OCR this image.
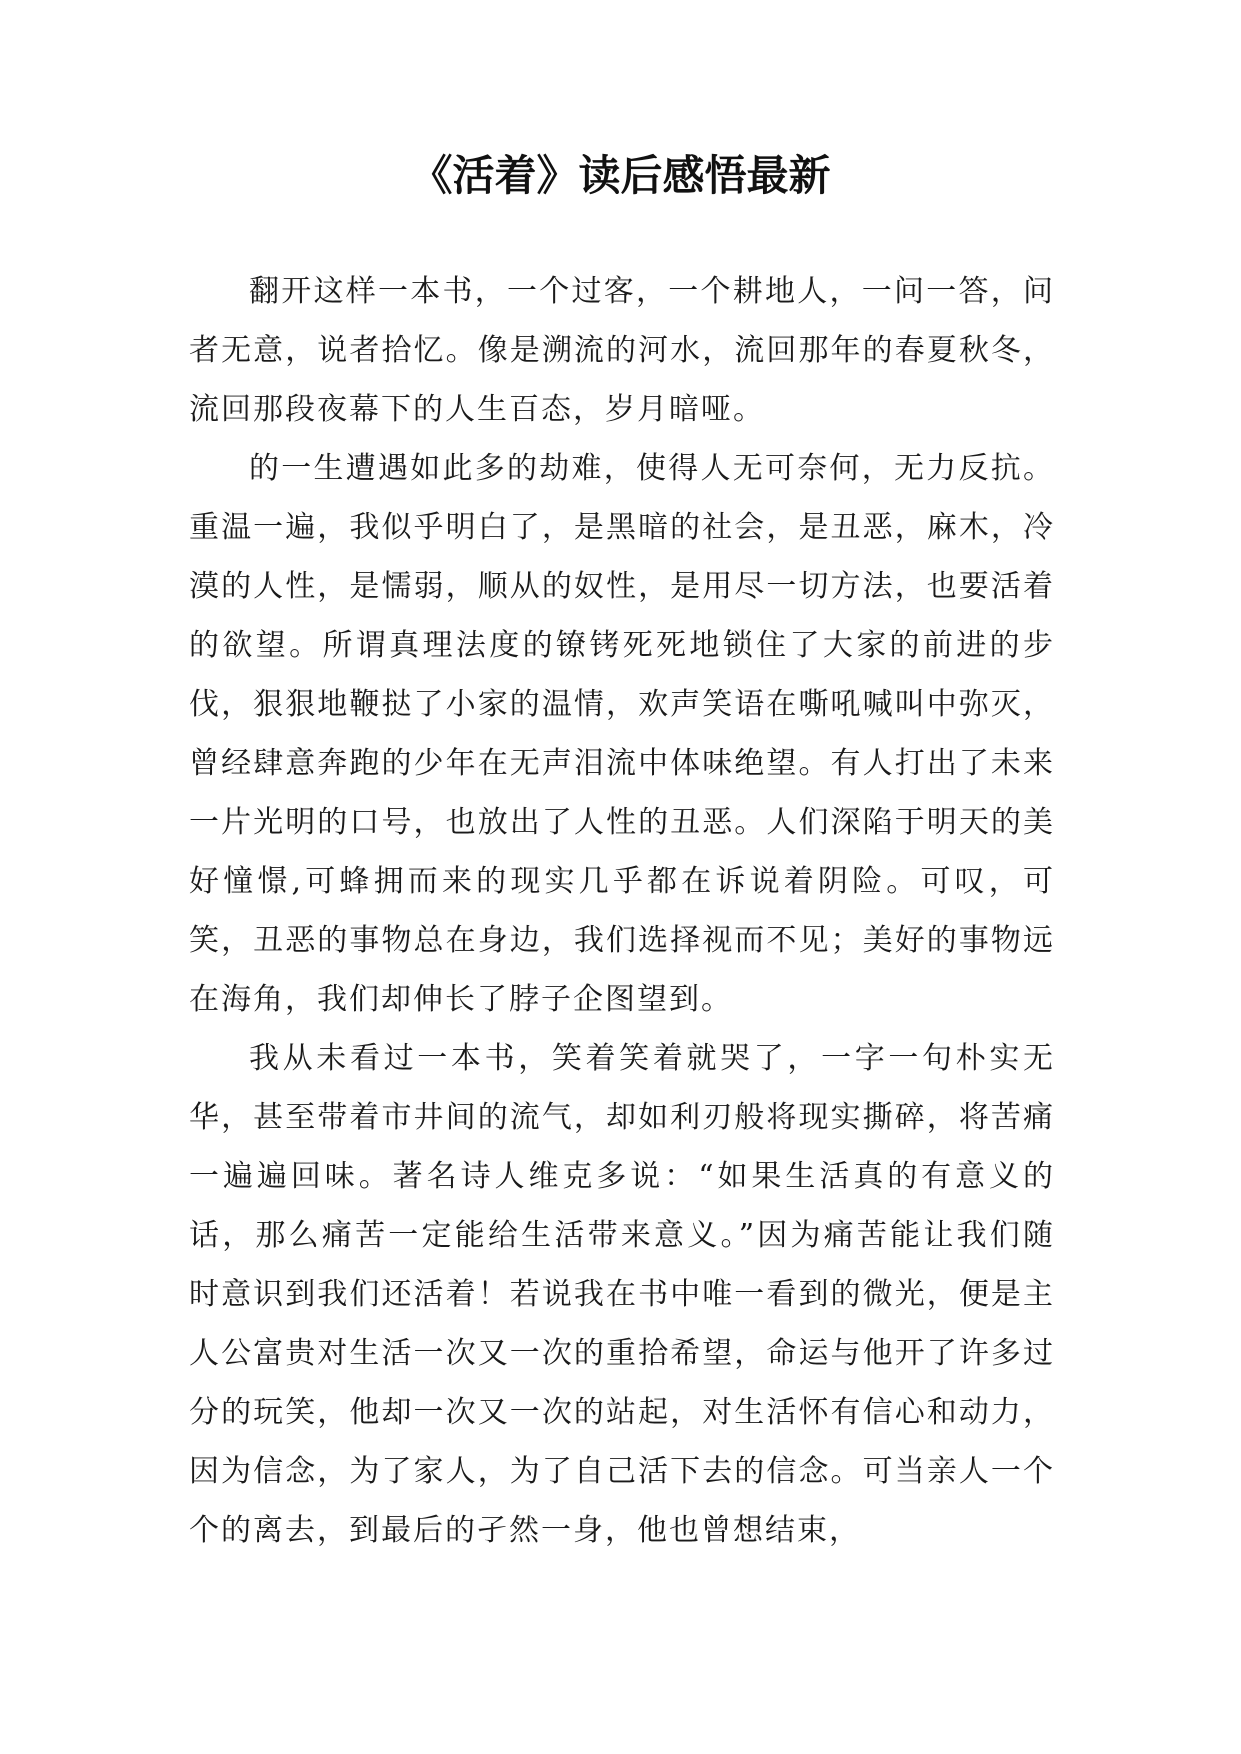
《活着》读后感悟最新

翻开这样一本书，一个过客，一个耕地人，一问一答，问者无意，说者拾忆。像是溯流的河水，流回那年的春夏秋冬，流回那段夜幕下的人生百态，岁月暗哑。

的一生遭遇如此多的劫难，使得人无可奈何，无力反抗。重温一遍，我似乎明白了，是黑暗的社会，是丑恶，麻木，冷漠的人性，是懦弱，顺从的奴性，是用尽一切方法，也要活着的欲望。所谓真理法度的镣铐死死地锁住了大家的前进的步伐，狠狠地鞭挞了小家的温情，欢声笑语在嘶吼喊叫中弥灭，曾经肆意奔跑的少年在无声泪流中体味绝望。有人打出了未来一片光明的口号，也放出了人性的丑恶。人们深陷于明天的美好憧憬,可蜂拥而来的现实几乎都在诉说着阴险。可叹，可笑，丑恶的事物总在身边，我们选择视而不见；美好的事物远在海角，我们却伸长了脖子企图望到。

我从未看过一本书，笑着笑着就哭了，一字一句朴实无华，甚至带着市井间的流气，却如利刃般将现实撕碎，将苦痛一遍遍回味。著名诗人维克多说：“如果生活真的有意义的话，那么痛苦一定能给生活带来意义。”因为痛苦能让我们随时意识到我们还活着！若说我在书中唯一看到的微光，便是主人公富贵对生活一次又一次的重拾希望，命运与他开了许多过分的玩笑，他却一次又一次的站起，对生活怀有信心和动力，因为信念，为了家人，为了自己活下去的信念。可当亲人一个个的离去，到最后的孑然一身，他也曾想结束，
